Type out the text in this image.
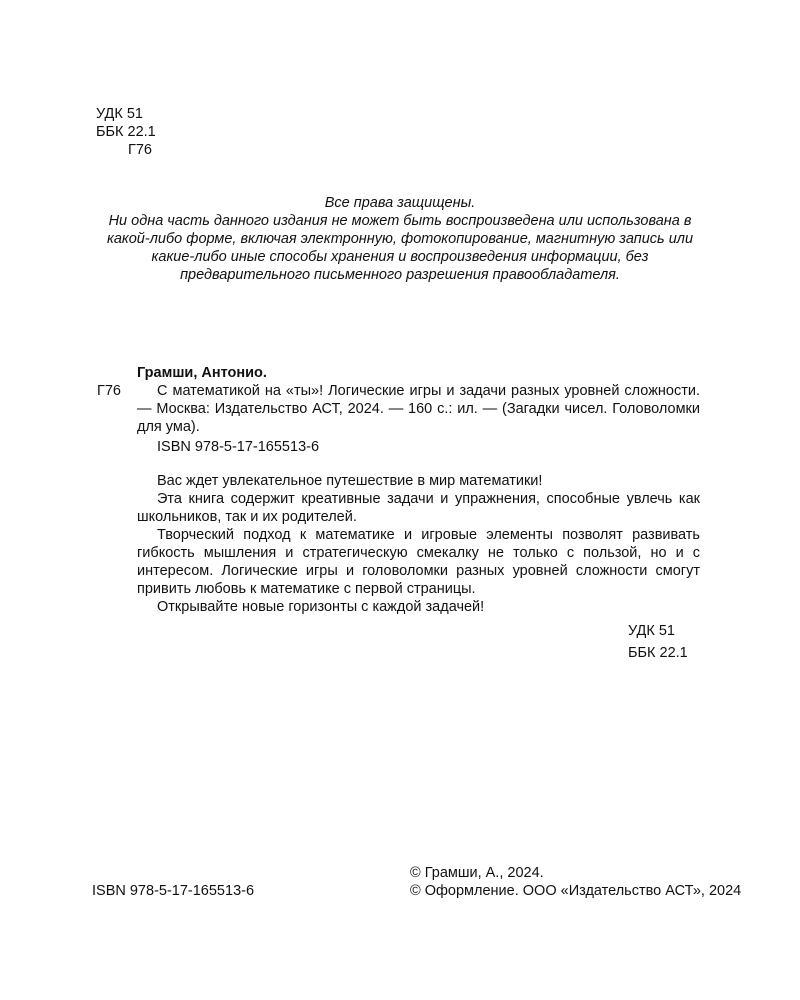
УДК 51
ББК 22.1
Г76
Все права защищены.
Ни одна часть данного издания не может быть воспроизведена или использована в какой-либо форме, включая электронную, фотокопирование, магнитную запись или какие-либо иные способы хранения и воспроизведения информации, без предварительного письменного разрешения правообладателя.
Г76
Грамши, Антонио.

С математикой на «ты»! Логические игры и задачи разных уровней сложности. — Москва: Издательство АСТ, 2024. — 160 с.: ил. — (Загадки чисел. Головоломки для ума).

ISBN 978-5-17-165513-6

Вас ждет увлекательное путешествие в мир математики!

Эта книга содержит креативные задачи и упражнения, способные увлечь как школьников, так и их родителей.

Творческий подход к математике и игровые элементы позволят развивать гибкость мышления и стратегическую смекалку не только с пользой, но и с интересом. Логические игры и головоломки разных уровней сложности смогут привить любовь к математике с первой страницы.

Открывайте новые горизонты с каждой задачей!

УДК 51
ББК 22.1
ISBN 978-5-17-165513-6
© Грамши, А., 2024.
© Оформление. ООО «Издательство АСТ», 2024
